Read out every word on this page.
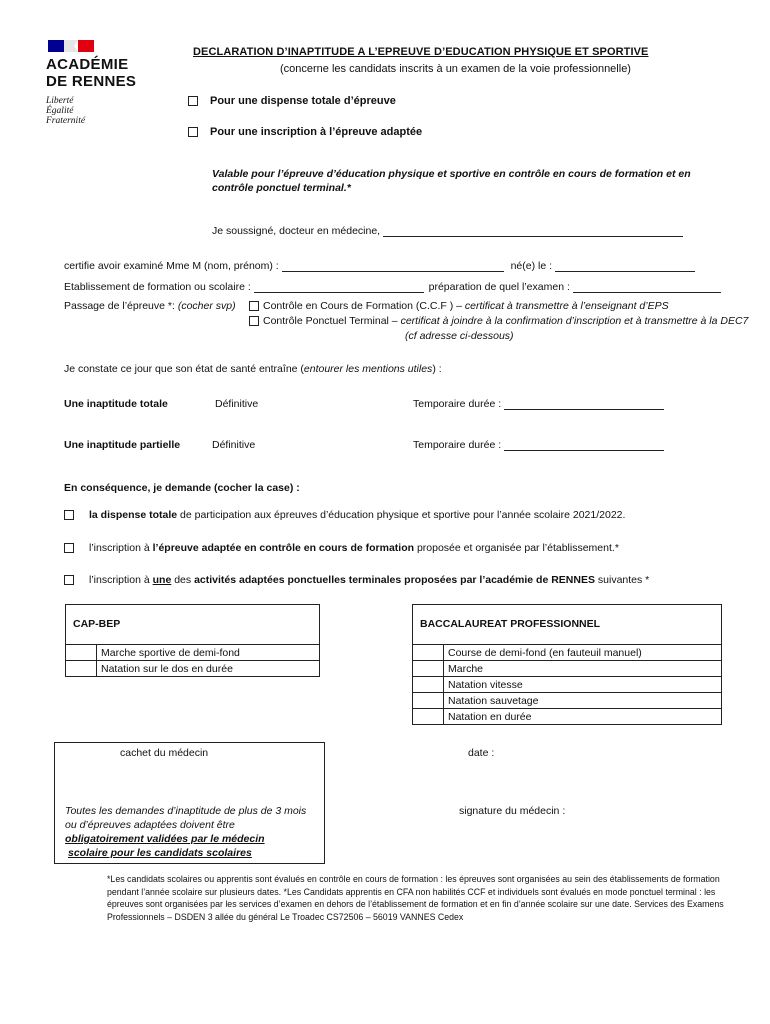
ACADÉMIE
DE RENNES
Liberté
Égalité
Fraternité
DECLARATION D’INAPTITUDE A L’EPREUVE D’EDUCATION PHYSIQUE ET SPORTIVE
(concerne les candidats inscrits à un examen de la voie professionnelle)
Pour une dispense totale d’épreuve
Pour une inscription à l’épreuve adaptée
Valable pour l’épreuve d’éducation physique et sportive en contrôle en cours de formation et en contrôle ponctuel terminal.*
Je soussigné, docteur en médecine,
certifie avoir examiné Mme M (nom, prénom) :	né(e) le :
Etablissement de formation ou scolaire :	préparation de quel l’examen :
Passage de l’épreuve *: (cocher svp)	Contrôle en Cours de Formation (C.C.F ) – certificat à transmettre à l’enseignant d’EPS
Contrôle Ponctuel Terminal – certificat à joindre à la confirmation d’inscription et à transmettre à la DEC7
(cf adresse ci-dessous)
Je constate ce jour que son état de santé entraîne (entourer les mentions utiles) :
Une inaptitude totale	Définitive	Temporaire durée :
Une inaptitude partielle	Définitive	Temporaire durée :
En conséquence, je demande (cocher la case) :
la dispense totale de participation aux épreuves d’éducation physique et sportive pour l’année scolaire 2021/2022.
l’inscription à l’épreuve adaptée en contrôle en cours de formation proposée et organisée par l’établissement.*
l’inscription à une des activités adaptées ponctuelles terminales proposées par l’académie de RENNES suivantes *
CAP-BEP
	Marche sportive de demi-fond
	Natation sur le dos en durée
BACCALAUREAT PROFESSIONNEL
	Course de demi-fond (en fauteuil manuel)
	Marche
	Natation vitesse
	Natation sauvetage
	Natation en durée
cachet du médecin
Toutes les demandes d’inaptitude de plus de 3 mois
ou d’épreuves adaptées doivent être
obligatoirement validées par le médecin
scolaire pour les candidats scolaires
date :
signature du médecin :
*Les candidats scolaires ou apprentis sont évalués en contrôle en cours de formation : les épreuves sont organisées au sein des établissements de formation pendant l’année scolaire sur plusieurs dates. *Les Candidats apprentis en CFA non habilités CCF et individuels sont évalués en mode ponctuel terminal : les épreuves sont organisées par les services d’examen en dehors de l’établissement de formation et en fin d’année scolaire sur une date. Services des Examens Professionnels – DSDEN 3 allée du général Le Troadec CS72506 – 56019 VANNES Cedex
